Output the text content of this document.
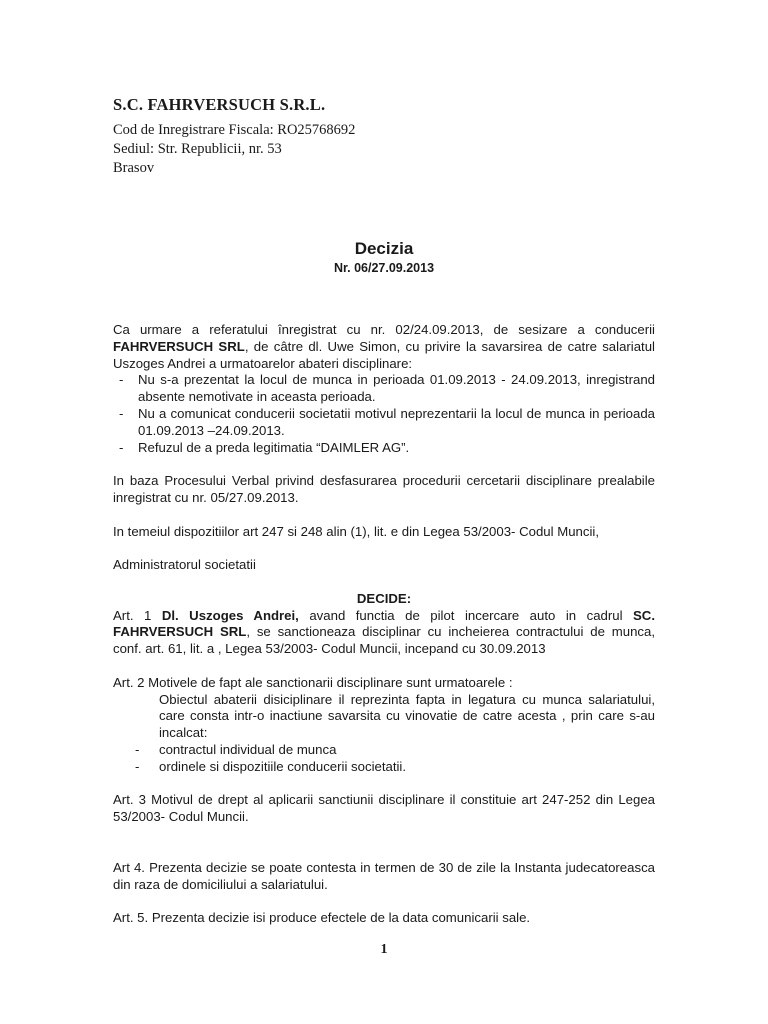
S.C. FAHRVERSUCH S.R.L.

Cod de Inregistrare Fiscala: RO25768692

Sediul: Str. Republicii, nr. 53

Brasov

Decizia
Nr. 06/27.09.2013

Ca urmare a referatului înregistrat cu nr. 02/24.09.2013, de sesizare a conducerii FAHRVERSUCH SRL, de câtre dl. Uwe Simon, cu privire la savarsirea de catre salariatul Uszoges Andrei a urmatoarelor abateri disciplinare:

- Nu s-a prezentat la locul de munca in perioada 01.09.2013 - 24.09.2013, inregistrand absente nemotivate in aceasta perioada.

- Nu a comunicat conducerii societatii motivul neprezentarii la locul de munca in perioada 01.09.2013 –24.09.2013.

- Refuzul de a preda legitimatia “DAIMLER AG”.

In baza Procesului Verbal privind desfasurarea procedurii cercetarii disciplinare prealabile inregistrat cu nr. 05/27.09.2013.

In temeiul dispozitiilor art 247 si 248 alin (1), lit. e din Legea 53/2003- Codul Muncii,

Administratorul societatii

DECIDE:

Art. 1 Dl. Uszoges Andrei, avand functia de pilot incercare auto in cadrul SC. FAHRVERSUCH SRL, se sanctioneaza disciplinar cu incheierea contractului de munca, conf. art. 61, lit. a , Legea 53/2003- Codul Muncii, incepand cu 30.09.2013

Art. 2 Motivele de fapt ale sanctionarii disciplinare sunt urmatoarele :

Obiectul abaterii disiciplinare il reprezinta fapta in legatura cu munca salariatului, care consta intr-o inactiune savarsita cu vinovatie de catre acesta , prin care s-au incalcat:

- contractul individual de munca

- ordinele si dispozitiile conducerii societatii.

Art. 3 Motivul de drept al aplicarii sanctiunii disciplinare il constituie art 247-252 din Legea 53/2003- Codul Muncii.

Art 4. Prezenta decizie se poate contesta in termen de 30 de zile la Instanta judecatoreasca din raza de domiciliului a salariatului.

Art. 5. Prezenta decizie isi produce efectele de la data comunicarii sale.

1
